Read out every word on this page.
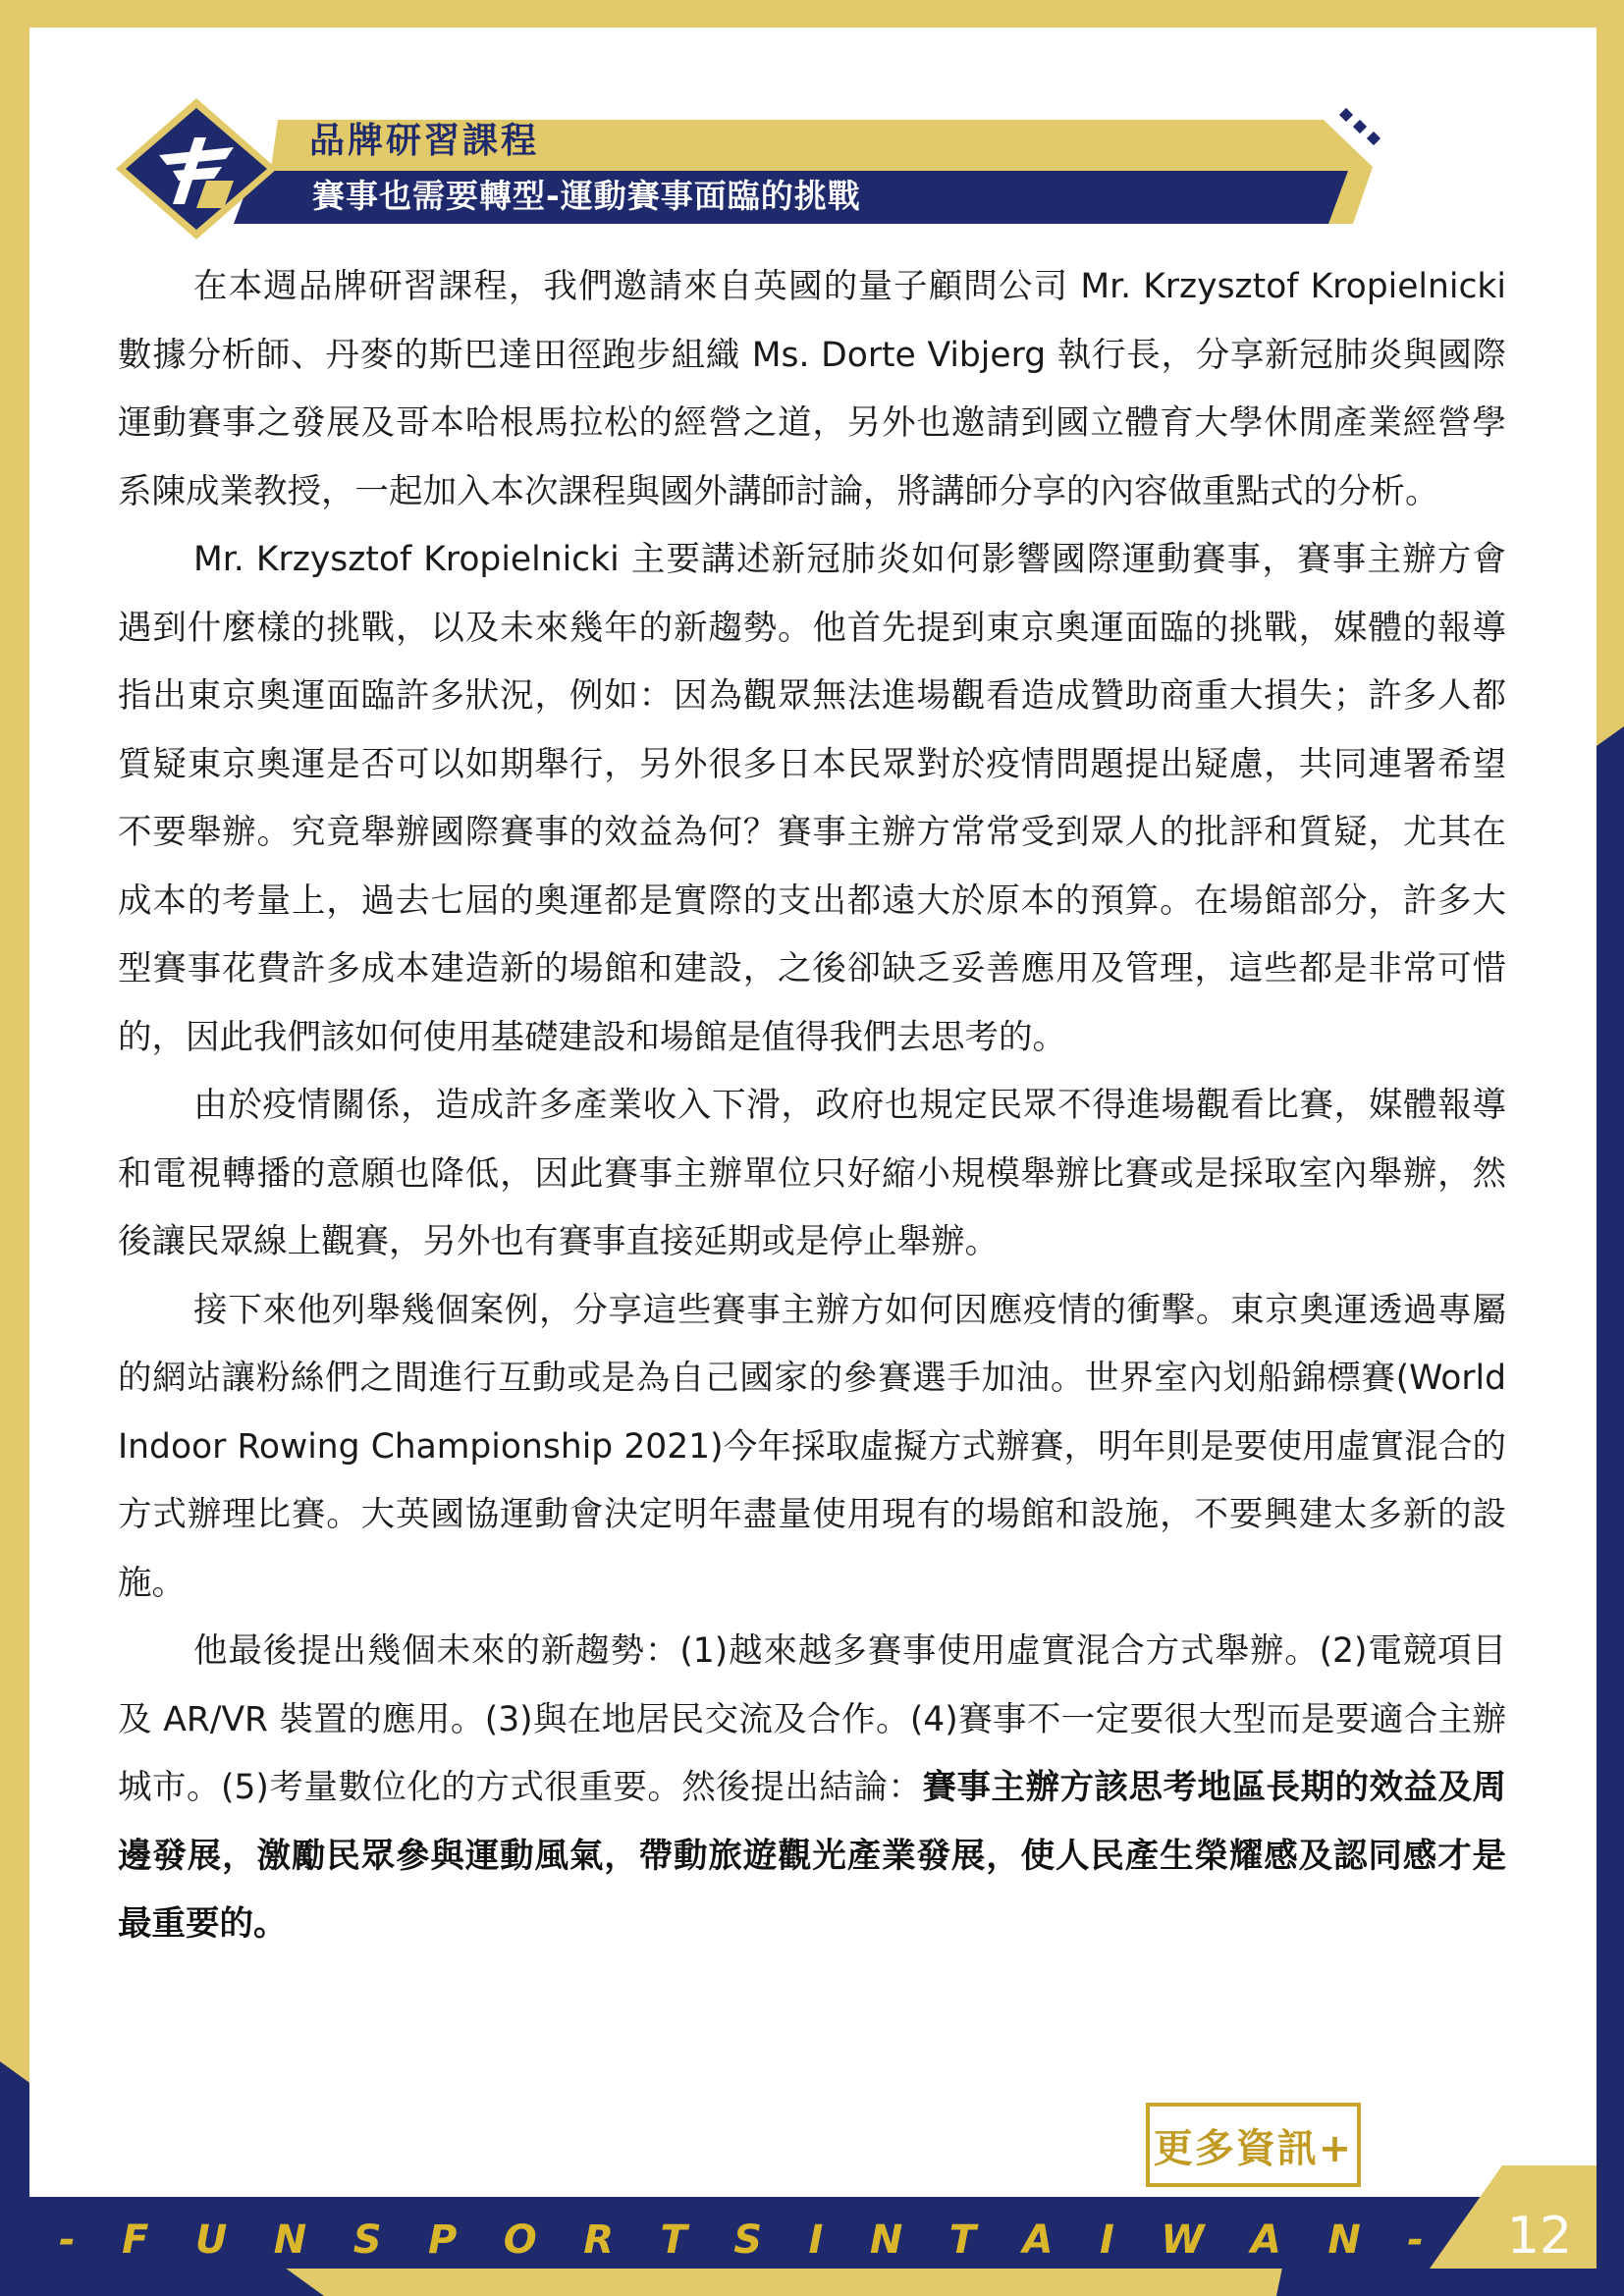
品牌研習課程
賽事也需要轉型-運動賽事面臨的挑戰

在本週品牌研習課程，我們邀請來自英國的量子顧問公司 Mr. Krzysztof Kropielnicki 數據分析師、丹麥的斯巴達田徑跑步組織 Ms. Dorte Vibjerg 執行長，分享新冠肺炎與國際運動賽事之發展及哥本哈根馬拉松的經營之道，另外也邀請到國立體育大學休閒產業經營學系陳成業教授，一起加入本次課程與國外講師討論，將講師分享的內容做重點式的分析。

Mr. Krzysztof Kropielnicki 主要講述新冠肺炎如何影響國際運動賽事，賽事主辦方會遇到什麼樣的挑戰，以及未來幾年的新趨勢。他首先提到東京奧運面臨的挑戰，媒體的報導指出東京奧運面臨許多狀況，例如：因為觀眾無法進場觀看造成贊助商重大損失；許多人都質疑東京奧運是否可以如期舉行，另外很多日本民眾對於疫情問題提出疑慮，共同連署希望不要舉辦。究竟舉辦國際賽事的效益為何？賽事主辦方常常受到眾人的批評和質疑，尤其在成本的考量上，過去七屆的奧運都是實際的支出都遠大於原本的預算。在場館部分，許多大型賽事花費許多成本建造新的場館和建設，之後卻缺乏妥善應用及管理，這些都是非常可惜的，因此我們該如何使用基礎建設和場館是值得我們去思考的。

由於疫情關係，造成許多產業收入下滑，政府也規定民眾不得進場觀看比賽，媒體報導和電視轉播的意願也降低，因此賽事主辦單位只好縮小規模舉辦比賽或是採取室內舉辦，然後讓民眾線上觀賽，另外也有賽事直接延期或是停止舉辦。

接下來他列舉幾個案例，分享這些賽事主辦方如何因應疫情的衝擊。東京奧運透過專屬的網站讓粉絲們之間進行互動或是為自己國家的參賽選手加油。世界室內划船錦標賽(World Indoor Rowing Championship 2021)今年採取虛擬方式辦賽，明年則是要使用虛實混合的方式辦理比賽。大英國協運動會決定明年盡量使用現有的場館和設施，不要興建太多新的設施。

他最後提出幾個未來的新趨勢：(1)越來越多賽事使用虛實混合方式舉辦。(2)電競項目及 AR/VR 裝置的應用。(3)與在地居民交流及合作。(4)賽事不一定要很大型而是要適合主辦城市。(5)考量數位化的方式很重要。然後提出結論：賽事主辦方該思考地區長期的效益及周邊發展，激勵民眾參與運動風氣，帶動旅遊觀光產業發展，使人民產生榮耀感及認同感才是最重要的。

更多資訊+
- F U N S P O R T S I N T A I W A N - 12
